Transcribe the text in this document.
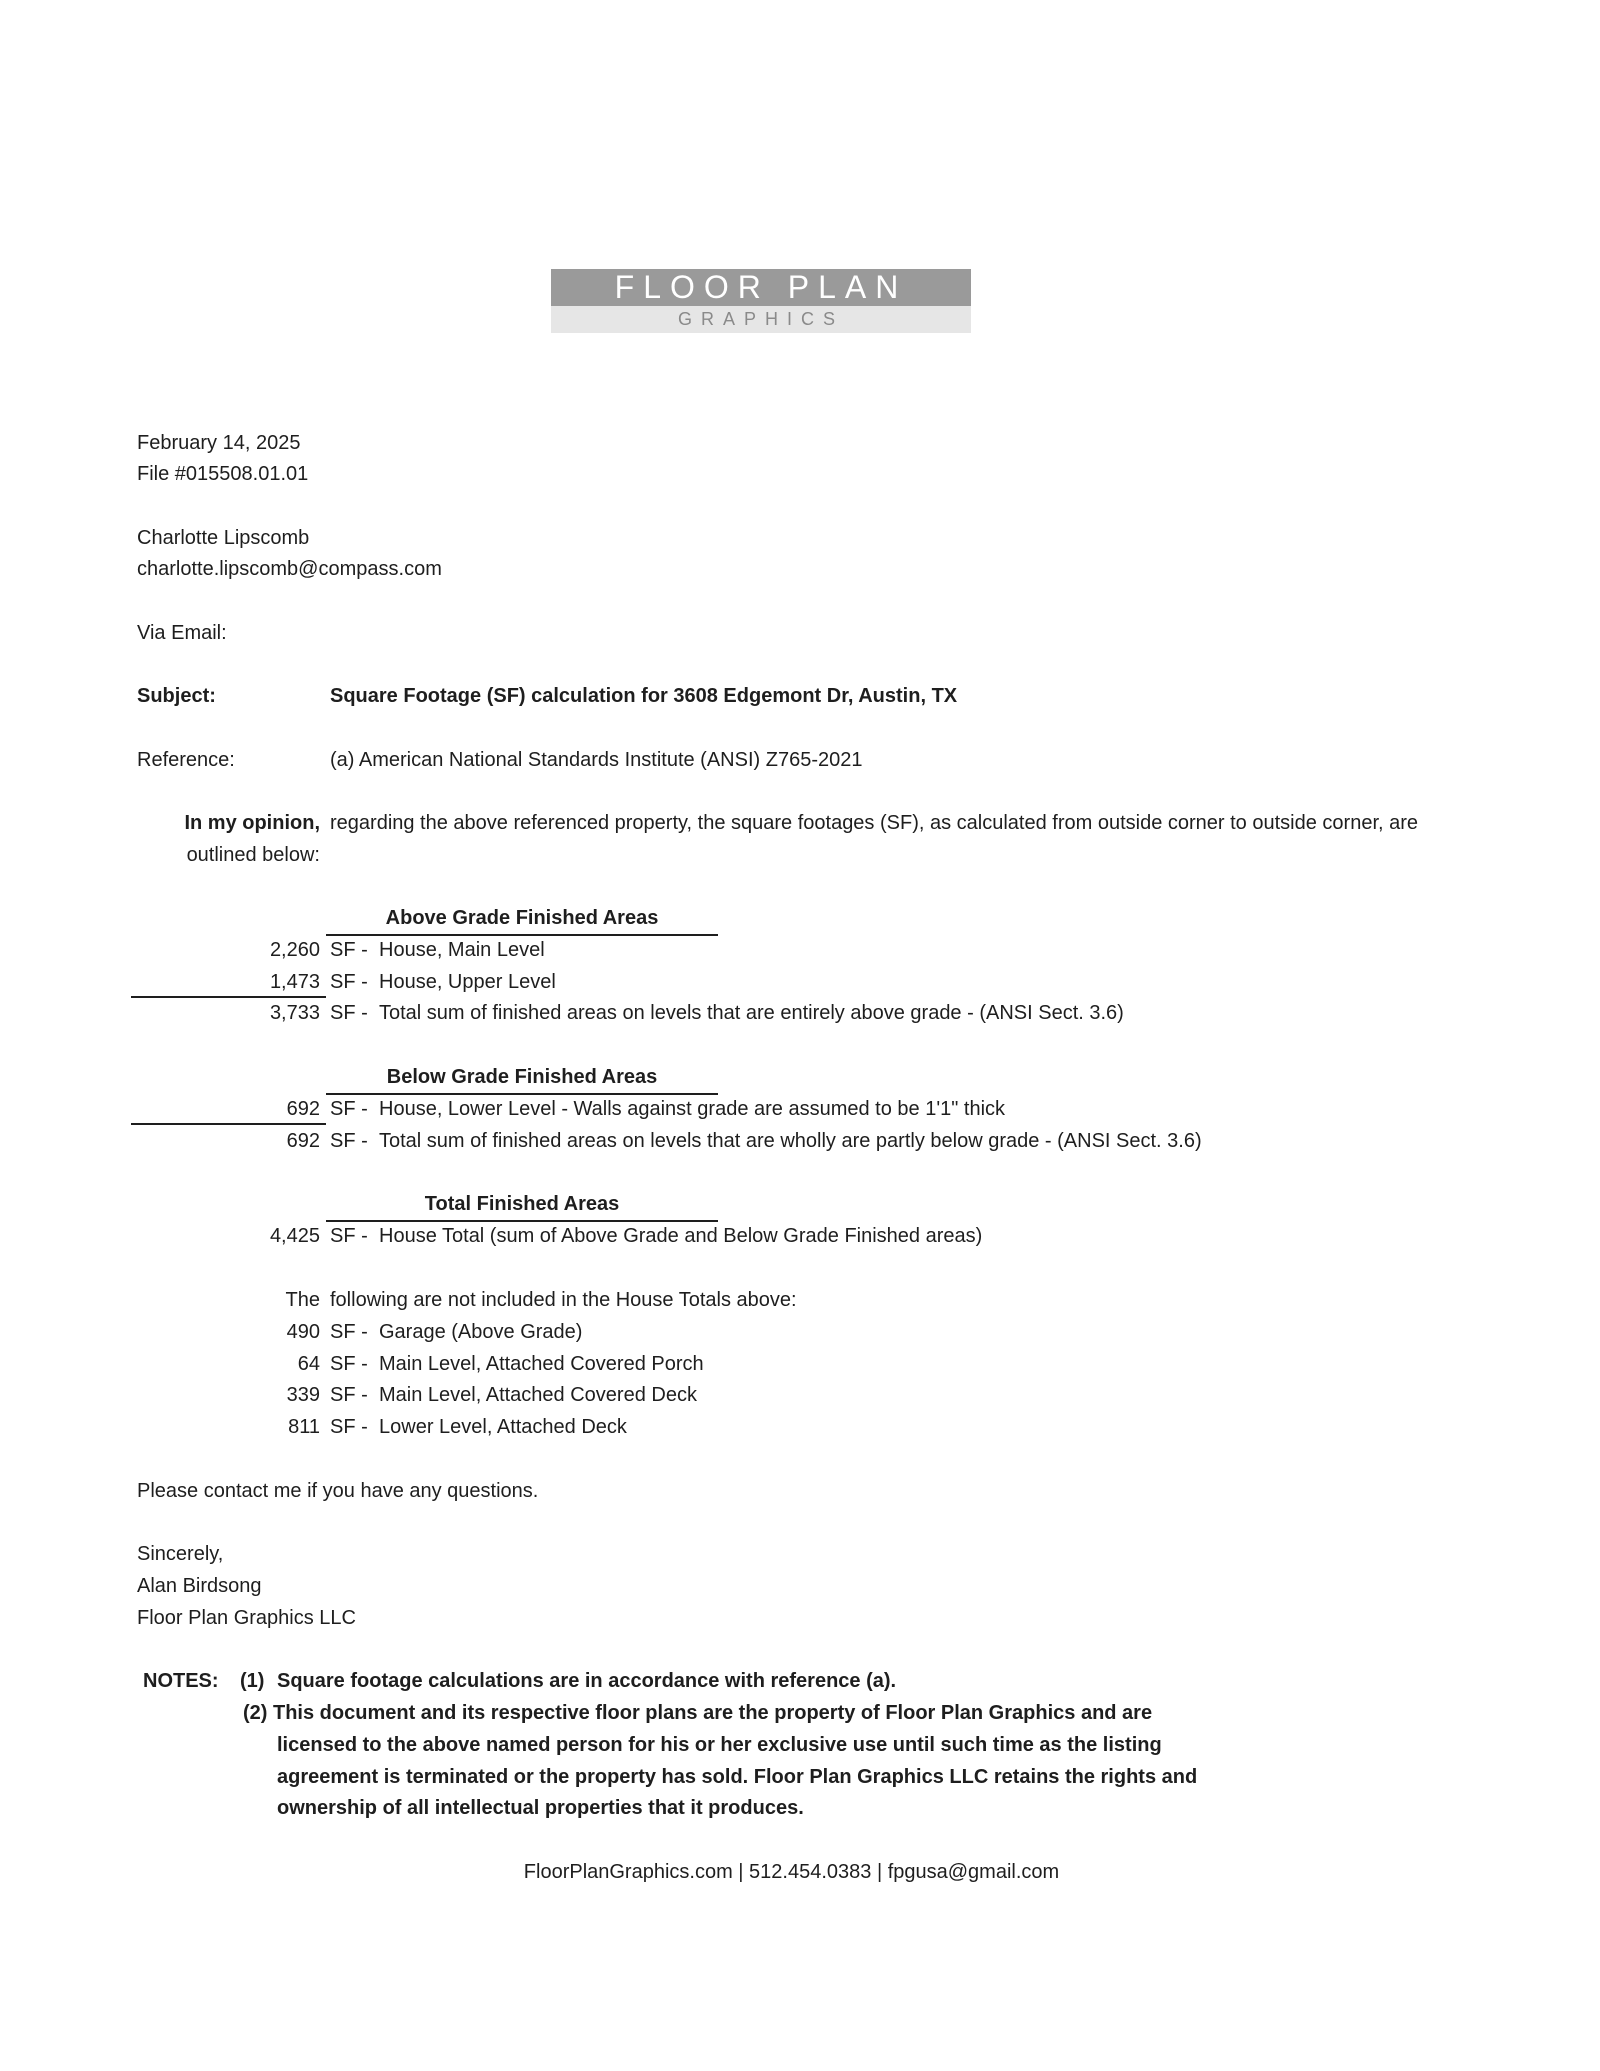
FLOOR PLAN
GRAPHICS
February 14, 2025
File #015508.01.01
Charlotte Lipscomb
charlotte.lipscomb@compass.com
Via Email:
Subject:	Square Footage (SF) calculation for 3608 Edgemont Dr, Austin, TX
Reference:	(a) American National Standards Institute (ANSI) Z765-2021
In my opinion,
outlined below:
regarding the above referenced property, the square footages (SF), as calculated from outside corner to outside corner, are
Above Grade Finished Areas
2,260 SF - House, Main Level
1,473 SF - House, Upper Level
3,733 SF - Total sum of finished areas on levels that are entirely above grade - (ANSI Sect. 3.6)
Below Grade Finished Areas
692 SF - House, Lower Level - Walls against grade are assumed to be 1'1" thick
692 SF - Total sum of finished areas on levels that are wholly are partly below grade - (ANSI Sect. 3.6)
Total Finished Areas
4,425 SF - House Total (sum of Above Grade and Below Grade Finished areas)
The following are not included in the House Totals above:
490 SF - Garage (Above Grade)
64 SF - Main Level, Attached Covered Porch
339 SF - Main Level, Attached Covered Deck
811 SF - Lower Level, Attached Deck
Please contact me if you have any questions.
Sincerely,
Alan Birdsong
Floor Plan Graphics LLC
NOTES: (1) Square footage calculations are in accordance with reference (a).
(2) This document and its respective floor plans are the property of Floor Plan Graphics and are
licensed to the above named person for his or her exclusive use until such time as the listing
agreement is terminated or the property has sold. Floor Plan Graphics LLC retains the rights and
ownership of all intellectual properties that it produces.
FloorPlanGraphics.com | 512.454.0383 | fpgusa@gmail.com
